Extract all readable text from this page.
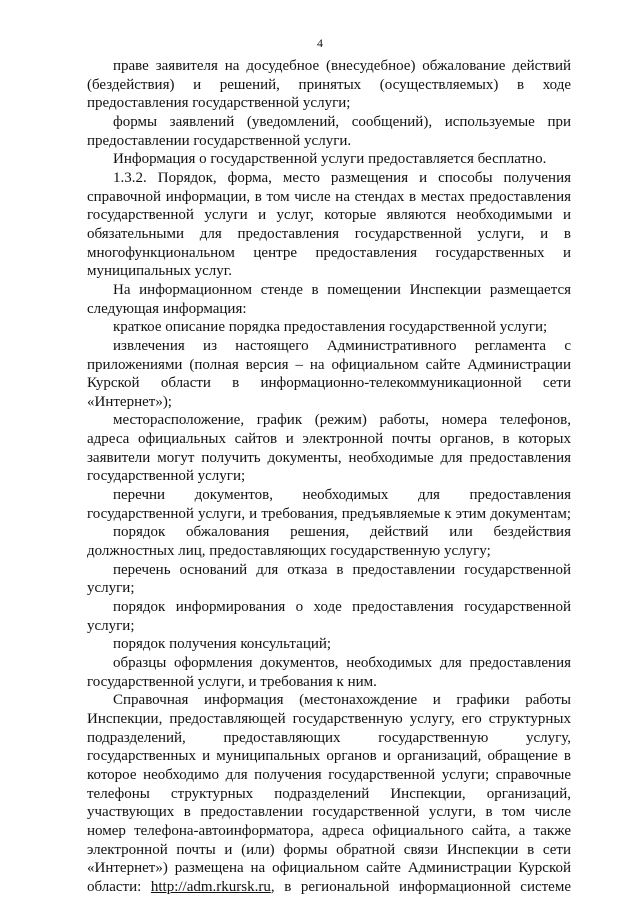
4
праве заявителя на досудебное (внесудебное) обжалование действий
(бездействия) и решений, принятых (осуществляемых) в ходе
предоставления государственной услуги;
формы заявлений (уведомлений, сообщений), используемые при
предоставлении государственной услуги.
Информация о государственной услуги предоставляется бесплатно.
1.3.2. Порядок, форма, место размещения и способы получения
справочной информации, в том числе на стендах в местах предоставления
государственной услуги и услуг, которые являются необходимыми и
обязательными для предоставления государственной услуги, и в
многофункциональном центре предоставления государственных и
муниципальных услуг.
На информационном стенде в помещении Инспекции размещается
следующая информация:
краткое описание порядка предоставления государственной услуги;
извлечения из настоящего Административного регламента с
приложениями (полная версия – на официальном сайте Администрации
Курской области в информационно-телекоммуникационной сети
«Интернет»);
месторасположение, график (режим) работы, номера телефонов,
адреса официальных сайтов и электронной почты органов, в которых
заявители могут получить документы, необходимые для предоставления
государственной услуги;
перечни документов, необходимых для предоставления
государственной услуги, и требования, предъявляемые к этим документам;
порядок обжалования решения, действий или бездействия
должностных лиц, предоставляющих государственную услугу;
перечень оснований для отказа в предоставлении государственной
услуги;
порядок информирования о ходе предоставления государственной
услуги;
порядок получения консультаций;
образцы оформления документов, необходимых для предоставления
государственной услуги, и требования к ним.
Справочная информация (местонахождение и графики работы
Инспекции, предоставляющей государственную услугу, его структурных
подразделений, предоставляющих государственную услугу,
государственных и муниципальных органов и организаций, обращение в
которое необходимо для получения государственной услуги; справочные
телефоны структурных подразделений Инспекции, организаций,
участвующих в предоставлении государственной услуги, в том числе
номер телефона-автоинформатора, адреса официального сайта, а также
электронной почты и (или) формы обратной связи Инспекции в сети
«Интернет») размещена на официальном сайте Администрации Курской
области: http://adm.rkursk.ru, в региональной информационной системе
